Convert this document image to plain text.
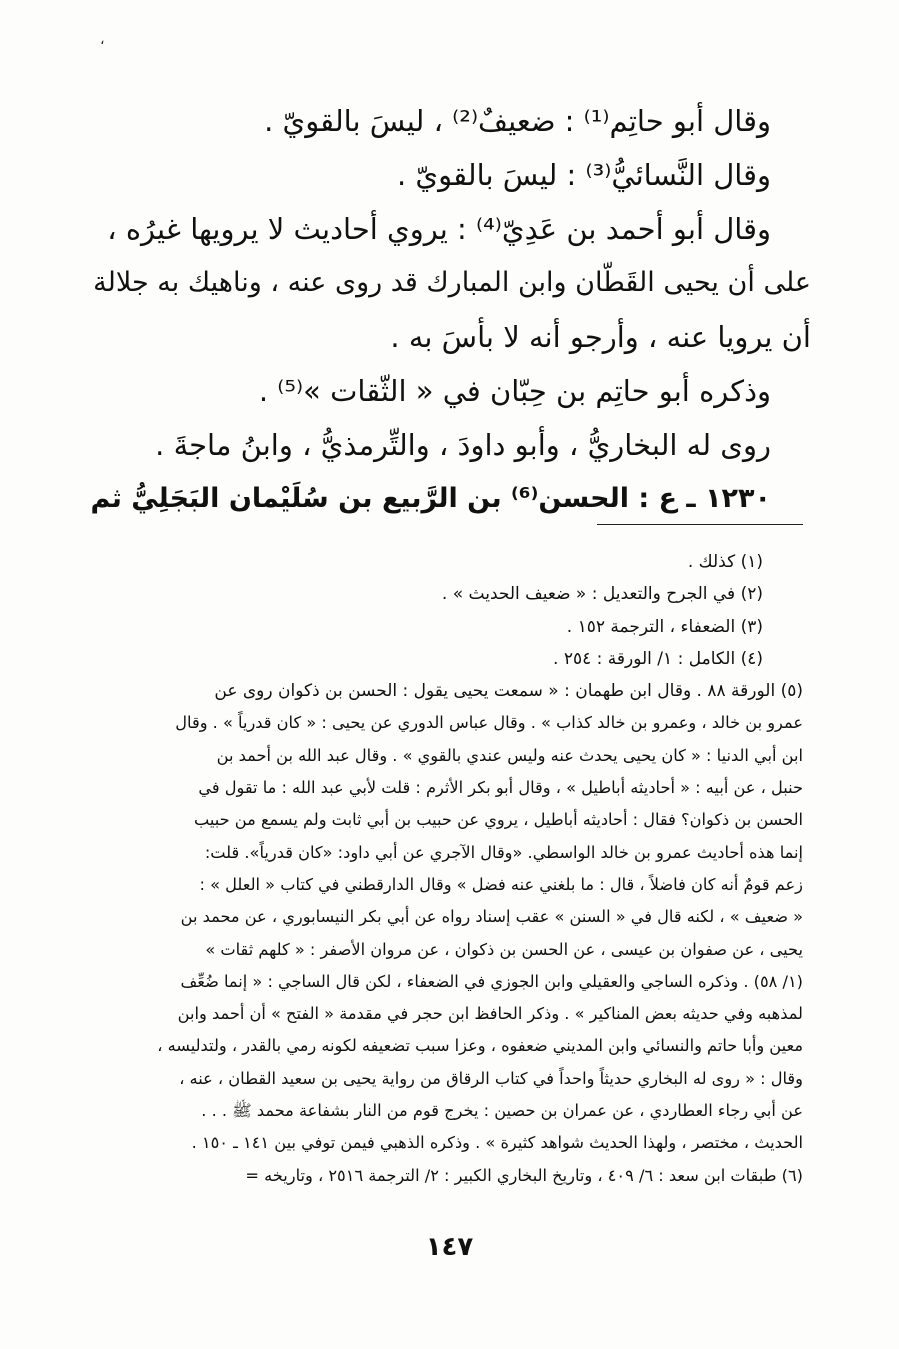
،

وقال أبو حاتِم⁽¹⁾ : ضعيفٌ⁽²⁾ ، ليسَ بالقويّ .

وقال النَّسائيُّ⁽³⁾ : ليسَ بالقويّ .

وقال أبو أحمد بن عَدِيّ⁽⁴⁾ : يروي أحاديث لا يرويها غيرُه ،

على أن يحيى القَطّان وابن المبارك قد روى عنه ، وناهيك به جلالة

أن يرويا عنه ، وأرجو أنه لا بأسَ به .

وذكره أبو حاتِم بن حِبّان في « الثّقات »⁽⁵⁾ .

روى له البخاريُّ ، وأبو داودَ ، والتِّرمذيُّ ، وابنُ ماجةَ .

١٢٣٠ ـ ع : الحسن⁽⁶⁾ بن الرَّبيع بن سُلَيْمان البَجَلِيُّ ثم

(١) كذلك .

(٢) في الجرح والتعديل : « ضعيف الحديث » .

(٣) الضعفاء ، الترجمة ١٥٢ .

(٤) الكامل : ١/ الورقة : ٢٥٤ .

(٥) الورقة ٨٨ . وقال ابن طهمان : « سمعت يحيى يقول : الحسن بن ذكوان روى عن

عمرو بن خالد ، وعمرو بن خالد كذاب » . وقال عباس الدوري عن يحيى : « كان قدرياً » . وقال

ابن أبي الدنيا : « كان يحيى يحدث عنه وليس عندي بالقوي » . وقال عبد الله بن أحمد بن

حنبل ، عن أبيه : « أحاديثه أباطيل » ، وقال أبو بكر الأثرم : قلت لأبي عبد الله : ما تقول في

الحسن بن ذكوان؟ فقال : أحاديثه أباطيل ، يروي عن حبيب بن أبي ثابت ولم يسمع من حبيب

إنما هذه أحاديث عمرو بن خالد الواسطي. «وقال الآجري عن أبي داود: «كان قدرياً». قلت:

زعم قومٌ أنه كان فاضلاً ، قال : ما بلغني عنه فضل » وقال الدارقطني في كتاب « العلل » :

« ضعيف » ، لكنه قال في « السنن » عقب إسناد رواه عن أبي بكر النيسابوري ، عن محمد بن

يحيى ، عن صفوان بن عيسى ، عن الحسن بن ذكوان ، عن مروان الأصفر : « كلهم ثقات »

(١/ ٥٨) . وذكره الساجي والعقيلي وابن الجوزي في الضعفاء ، لكن قال الساجي : « إنما ضُعِّف

لمذهبه وفي حديثه بعض المناكير » . وذكر الحافظ ابن حجر في مقدمة « الفتح » أن أحمد وابن

معين وأبا حاتم والنسائي وابن المديني ضعفوه ، وعزا سبب تضعيفه لكونه رمي بالقدر ، ولتدليسه ،

وقال : « روى له البخاري حديثاً واحداً في كتاب الرقاق من رواية يحيى بن سعيد القطان ، عنه ،

عن أبي رجاء العطاردي ، عن عمران بن حصين : يخرج قوم من النار بشفاعة محمد ﷺ . . .

الحديث ، مختصر ، ولهذا الحديث شواهد كثيرة » . وذكره الذهبي فيمن توفي بين ١٤١ ـ ١٥٠ .

(٦) طبقات ابن سعد : ٦/ ٤٠٩ ، وتاريخ البخاري الكبير : ٢/ الترجمة ٢٥١٦ ، وتاريخه =

١٤٧
